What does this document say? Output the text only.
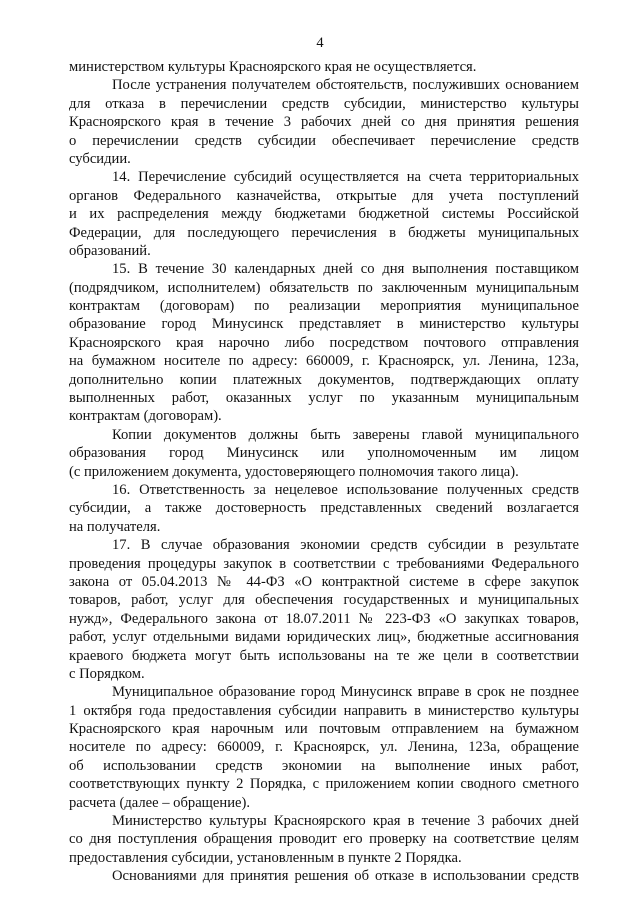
4
министерством культуры Красноярского края не осуществляется.
После устранения получателем обстоятельств, послуживших основанием
для отказа в перечислении средств субсидии, министерство культуры
Красноярского края в течение 3 рабочих дней со дня принятия решения
о перечислении средств субсидии обеспечивает перечисление средств
субсидии.
14. Перечисление субсидий осуществляется на счета территориальных
органов Федерального казначейства, открытые для учета поступлений
и их распределения между бюджетами бюджетной системы Российской
Федерации, для последующего перечисления в бюджеты муниципальных
образований.
15. В течение 30 календарных дней со дня выполнения поставщиком
(подрядчиком, исполнителем) обязательств по заключенным муниципальным
контрактам (договорам) по реализации мероприятия муниципальное
образование город Минусинск представляет в министерство культуры
Красноярского края нарочно либо посредством почтового отправления
на бумажном носителе по адресу: 660009, г. Красноярск, ул. Ленина, 123а,
дополнительно копии платежных документов, подтверждающих оплату
выполненных работ, оказанных услуг по указанным муниципальным
контрактам (договорам).
Копии документов должны быть заверены главой муниципального
образования город Минусинск или уполномоченным им лицом
(с приложением документа, удостоверяющего полномочия такого лица).
16. Ответственность за нецелевое использование полученных средств
субсидии, а также достоверность представленных сведений возлагается
на получателя.
17. В случае образования экономии средств субсидии в результате
проведения процедуры закупок в соответствии с требованиями Федерального
закона от 05.04.2013 № 44-ФЗ «О контрактной системе в сфере закупок
товаров, работ, услуг для обеспечения государственных и муниципальных
нужд», Федерального закона от 18.07.2011 № 223-ФЗ «О закупках товаров,
работ, услуг отдельными видами юридических лиц», бюджетные ассигнования
краевого бюджета могут быть использованы на те же цели в соответствии
с Порядком.
Муниципальное образование город Минусинск вправе в срок не позднее
1 октября года предоставления субсидии направить в министерство культуры
Красноярского края нарочным или почтовым отправлением на бумажном
носителе по адресу: 660009, г. Красноярск, ул. Ленина, 123а, обращение
об использовании средств экономии на выполнение иных работ,
соответствующих пункту 2 Порядка, с приложением копии сводного сметного
расчета (далее – обращение).
Министерство культуры Красноярского края в течение 3 рабочих дней
со дня поступления обращения проводит его проверку на соответствие целям
предоставления субсидии, установленным в пункте 2 Порядка.
Основаниями для принятия решения об отказе в использовании средств
